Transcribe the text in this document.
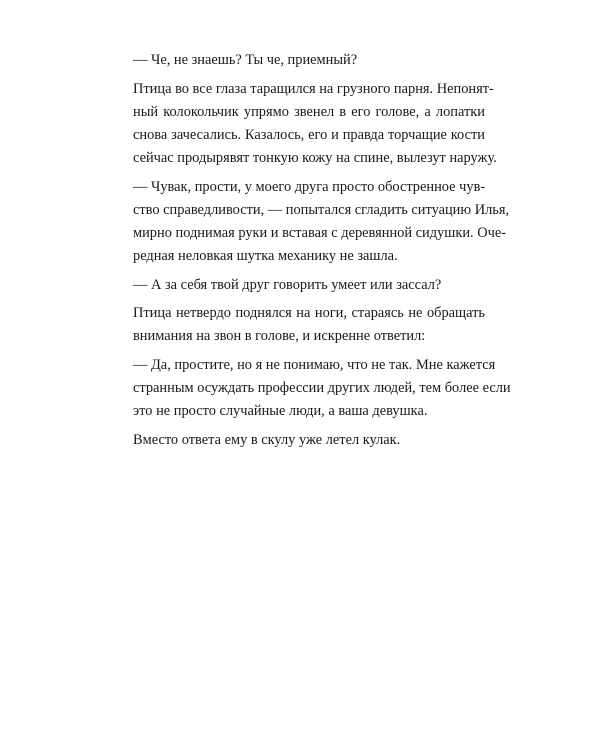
— Че, не знаешь? Ты че, приемный?

Птица во все глаза таращился на грузного парня. Непонят-
ный колокольчик упрямо звенел в его голове, а лопатки
снова зачесались. Казалось, его и правда торчащие кости
сейчас продырявят тонкую кожу на спине, вылезут наружу.

— Чувак, прости, у моего друга просто обостренное чув-
ство справедливости, — попытался сгладить ситуацию Илья,
мирно поднимая руки и вставая с деревянной сидушки. Оче-
редная неловкая шутка механику не зашла.

— А за себя твой друг говорить умеет или зассал?

Птица нетвердо поднялся на ноги, стараясь не обращать
внимания на звон в голове, и искренне ответил:

— Да, простите, но я не понимаю, что не так. Мне кажется
странным осуждать профессии других людей, тем более если
это не просто случайные люди, а ваша девушка.

Вместо ответа ему в скулу уже летел кулак.
